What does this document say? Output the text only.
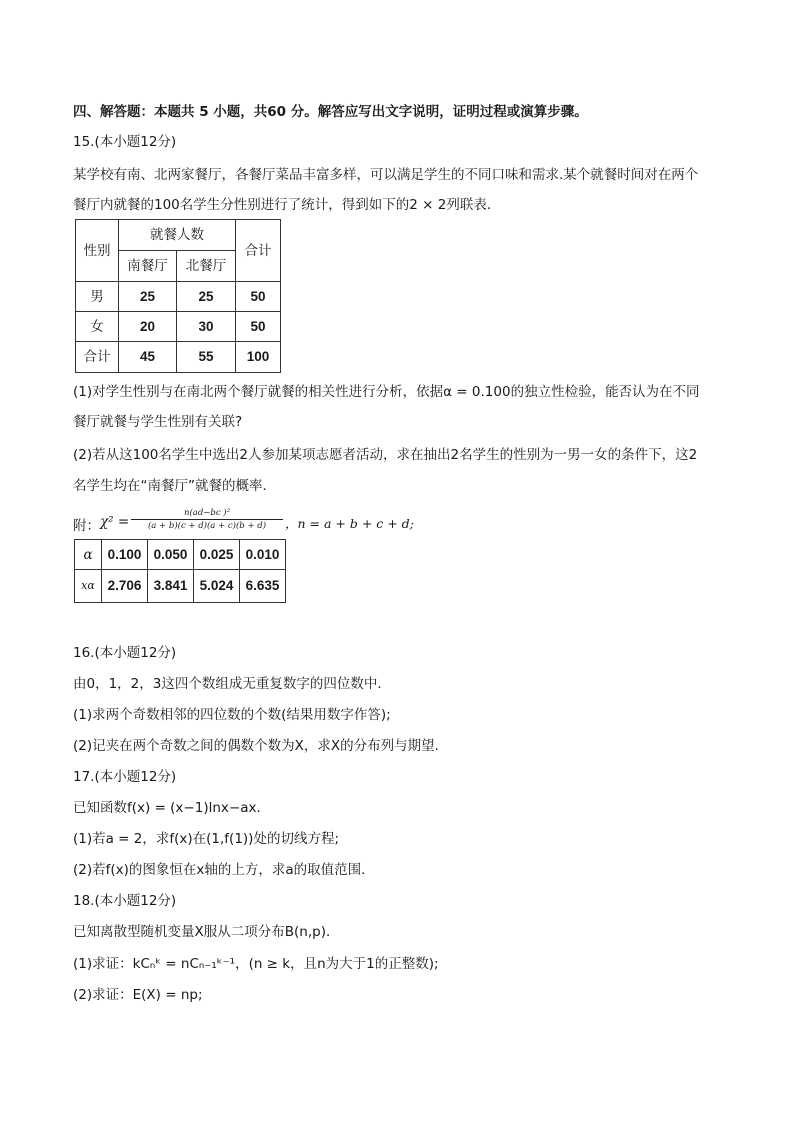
四、解答题：本题共 5 小题，共60 分。解答应写出文字说明，证明过程或演算步骤。
15.(本小题12分)
某学校有南、北两家餐厅，各餐厅菜品丰富多样，可以满足学生的不同口味和需求.某个就餐时间对在两个
餐厅内就餐的100名学生分性别进行了统计，得到如下的2 × 2列联表．
性别	就餐人数		合计
	南餐厅	北餐厅	
男	25	25	50
女	20	30	50
合计	45	55	100
(1)对学生性别与在南北两个餐厅就餐的相关性进行分析，依据α = 0.100的独立性检验，能否认为在不同
餐厅就餐与学生性别有关联?
(2)若从这100名学生中选出2人参加某项志愿者活动，求在抽出2名学生的性别为一男一女的条件下，这2
名学生均在“南餐厅”就餐的概率．
附： χ² =
n(ad−bc )²
(a + b)(c + d)(a + c)(b + d)	，n = a + b + c + d;
α	0.100	0.050	0.025	0.010
xα	2.706	3.841	5.024	6.635
16.(本小题12分)
由0，1，2，3这四个数组成无重复数字的四位数中．
(1)求两个奇数相邻的四位数的个数(结果用数字作答);
(2)记夹在两个奇数之间的偶数个数为X，求X的分布列与期望．
17.(本小题12分)
已知函数f(x) = (x−1)lnx−ax．
(1)若a = 2，求f(x)在(1,f(1))处的切线方程;
(2)若f(x)的图象恒在x轴的上方，求a的取值范围．
18.(本小题12分)
已知离散型随机变量X服从二项分布B(n,p)．
(1)求证：kCₙᵏ = nCₙ₋₁ᵏ⁻¹，(n ≥ k，且n为大于1的正整数);
(2)求证：E(X) = np;
